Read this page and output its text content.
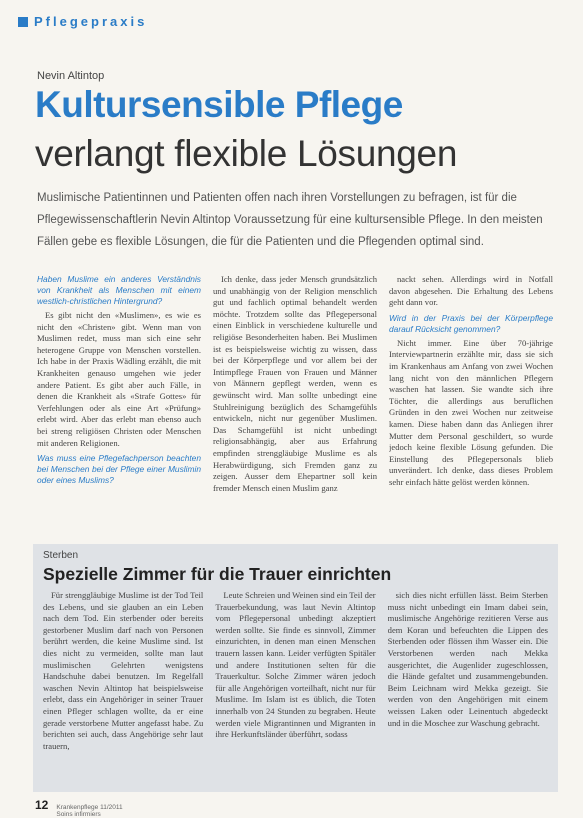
Pflegepraxis
Nevin Altintop
Kultursensible Pflege
verlangt flexible Lösungen
Muslimische Patientinnen und Patienten offen nach ihren Vorstellungen zu befragen, ist für die Pflegewissenschaftlerin Nevin Altintop Voraussetzung für eine kultursensible Pflege. In den meisten Fällen gebe es flexible Lösungen, die für die Patienten und die Pflegenden optimal sind.
Haben Muslime ein anderes Verständnis von Krankheit als Menschen mit einem westlich-christlichen Hintergrund?

Es gibt nicht den «Muslimen», es wie es nicht den «Christen» gibt. Wenn man von Muslimen redet, muss man sich eine sehr heterogene Gruppe von Menschen vorstellen. Ich habe in der Praxis Wädling erzählt, die mit Krankheiten genauso umgehen wie jeder andere Patient. Es gibt aber auch Fälle, in denen die Krankheit als «Strafe Gottes» für Verfehlungen oder als eine Art «Prüfung» erlebt wird. Aber das erlebt man ebenso auch bei streng religiösen Christen oder Menschen mit anderen Religionen.

Was muss eine Pflegefachperson beachten bei Menschen bei der Pflege einer Muslimin oder eines Muslims?

Ich denke, dass jeder Mensch grundsätzlich und unabhängig von der Religion menschlich gut und fachlich optimal behandelt werden möchte. Trotzdem sollte das Pflegepersonal einen Einblick in verschiedene kulturelle und religiöse Besonderheiten haben. Bei Muslimen ist es beispielsweise wichtig zu wissen, dass bei der Körperpflege und vor allem bei der Intimpflege Frauen von Frauen und Männer von Männern gepflegt werden, wenn es gewünscht wird. Man sollte unbedingt eine Stuhlreinigung bezüglich des Schamgefühls entwickeln, nicht nur gegenüber Muslimen. Das Schamgefühl ist nicht unbedingt religionsabhängig, aber aus Erfahrung empfinden strenggläubige Muslime es als Herabwürdigung, sich Fremden ganz zu zeigen. Ausser dem Ehepartner soll kein fremder Mensch einen Muslim ganz

nackt sehen. Allerdings wird in Notfall davon abgesehen. Die Erhaltung des Lebens geht dann vor.

Wird in der Praxis bei der Körperpflege darauf Rücksicht genommen?

Nicht immer. Eine über 70-jährige Interviewpartnerin erzählte mir, dass sie sich im Krankenhaus am Anfang von zwei Wochen lang nicht von den männlichen Pflegern waschen hat lassen. Sie wandte sich ihre Töchter, die allerdings aus beruflichen Gründen in den zwei Wochen nur zeitweise kamen. Diese haben dann das Anliegen ihrer Mutter dem Personal geschildert, so wurde jedoch keine flexible Lösung gefunden. Die Einstellung des Pflegepersonals blieb unverändert. Ich denke, dass dieses Problem sehr einfach hätte gelöst werden können.

Sterben
Spezielle Zimmer für die Trauer einrichten

Für strenggläubige Muslime ist der Tod Teil des Lebens, und sie glauben an ein Leben nach dem Tod. Ein sterbender oder bereits gestorbener Muslim darf nach von Personen berührt werden, die keine Muslime sind. Ist dies nicht zu vermeiden, sollte man laut muslimischen Gelehrten wenigstens Handschuhe dabei benutzen. Im Regelfall waschen Nevin Altintop hat beispielsweise erlebt, dass ein Angehöriger in seiner Trauer einen Pfleger schlagen wollte, da er eine gerade verstorbene Mutter angefasst habe. Zu berichten sei auch, dass Angehörige sehr laut trauern,

Leute Schreien und Weinen sind ein Teil der Trauerbekundung, was laut Nevin Altintop vom Pflegepersonal unbedingt akzeptiert werden sollte. Sie finde es sinnvoll, Zimmer einzurichten, in denen man einen Menschen trauern lassen kann. Leider verfügten Spitäler und andere Institutionen selten für die Trauerkultur. Solche Zimmer wären jedoch für alle Angehörigen vorteilhaft, nicht nur für Muslime. Im Islam ist es üblich, die Toten innerhalb von 24 Stunden zu begraben. Heute werden viele Migrantinnen und Migranten in ihre Herkunftsländer überführt, sodass

sich dies nicht erfüllen lässt. Beim Sterben muss nicht unbedingt ein Imam dabei sein, muslimische Angehörige rezitieren Verse aus dem Koran und befeuchten die Lippen des Sterbenden oder flössen ihm Wasser ein. Die Verstorbenen werden nach Mekka ausgerichtet, die Augenlider zugeschlossen, die Hände gefaltet und zusammengebunden. Beim Leichnam wird Mekka gezeigt. Sie werden von den Angehörigen mit einem weissen Laken oder Leinentuch abgedeckt und in die Moschee zur Waschung gebracht.

12 Krankenpflege 11/2011
Soins infirmiers
